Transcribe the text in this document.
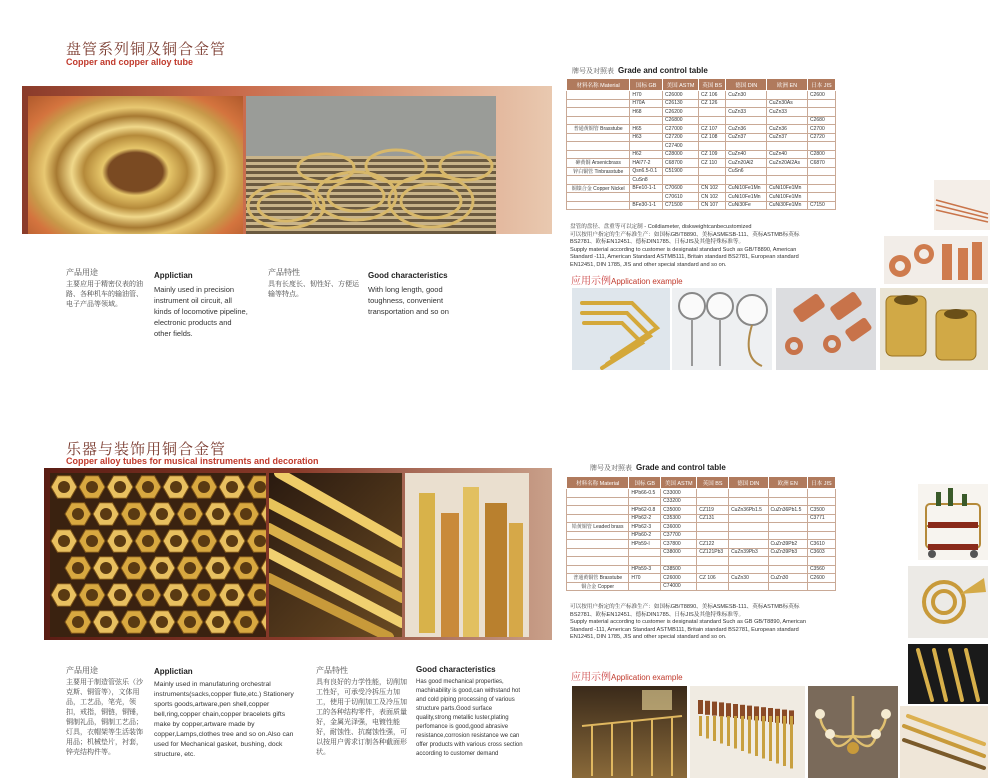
盘管系列铜及铜合金管
Copper and copper alloy tube
产品用途
主要应用于精密仪表的油路、各种机车的输油管、电子产品等领域。
Applictian
Mainly used in precision instrument oil circuit, all kinds of locomotive pipeline, electronic products and other fields.
产品特性
具有长度长、韧性好、方便运输等特点。
Good characteristics
With long length, good toughness, convenient transportation and so on
牌号及对照表 Grade and control table
材料名称 Material	国标 GB	美国 ASTM	英国 BS	德国 DIN	欧洲 EN	日本 JIS
	H70	C26000	CZ 106	CuZn30		C2600
	H70A	C26130	CZ 126		CuZn30As	
	H68	C26200		CuZn33	CuZn33	
		C26800				C2680
普通黄铜管 Brasstube	H65	C27000	CZ 107	CuZn36	CuZn36	C2700
	H63	C27200	CZ 108	CuZn37	CuZn37	C2720
		C27400				
	H62	C28000	CZ 109	CuZn40	CuZn40	C2800
砷黄铜 Arsenicbrass	HAl77-2	C68700	CZ 110	CuZn20Al2	CuZn20Al2As	C6870
锌白铜管 Tinbrasstube	Qsn6.5-0.1	C51900		CuSn6		
	CuSn8					
铜镍合金 Copper Nickel	BFe10-1-1	C70600	CN 102	CuNi10Fe1Mn	CuNi10Fe1Mn	
		C70610	CN 102	CuNi10Fe1Mn	CuNi10Fe1Mn	
	BFe30-1-1	C71500	CN 107	CuNi30Fe	CuNi30Fe1Mn	C7150
盘管的盘径、盘重等可以定制 - Coildiameter, diskweightcanbecustomized
可以按用户指定的生产标准生产：如国标GB/T8890、美标ASMESB-111、英标ASTMB标英标
BS2781、欧标EN12451、德标DIN1785、日标JIS及其他特殊标准等。
Supply material according to customer is designatal standard Such as GB/T8890, American
Standard -111, American Standard ASTMB111, Britain standard BS2781, European standard
EN12451, DIN 1785, JIS and other special standard and so on.
应用示例Application example
乐器与装饰用铜合金管
Copper alloy tubes for musical instruments and decoration
产品用途
主要用于制造管弦乐（沙 克斯、铜管等），文体用 品，工艺品，笔壳，领 扣，戒指，铜链，铜锤，铜制礼品，铜制工艺品；灯具，衣帽架等生活装饰 用品；机械垫片，衬套， 锌壳结构件等。
Applictian
Mainly used in manufaturing orchestral instruments(sacks,copper flute,etc.) Stationery sports goods,artware,pen shell,copper bell,ring,copper chain,copper bracelets gifts make by copper,artware made by copper,Lamps,clothes tree and so on.Also can used for Mechanical gasket, bushing, dock structure, etc.
产品特性
具有良好的力学性能，切削加工性好，可承受冷拆压力加工，使用于切削加工及冷压加工的各种结构零件，表面质量好，金属光泽强，电镀性能好，耐蚀性、抗腐蚀性强，可以按用户需求订制各种截面形状。
Good characteristics
Has good mechanical properties, machinability is good,can withstand hot and cold piping processing of various structure parts.Good surface quality,strong metallic luster,plating perfomance is good,good abrasive resistance,corrosion resistance we can offer products with various cross section according to customer demand
牌号及对照表 Grade and control table
材料名称 Material	国标 GB	美国 ASTM	英国 BS	德国 DIN	欧洲 EN	日本 JIS
	HPb66-0.5	C33000				
		C33200				
	HPb62-0.8	C35000	CZ119	CuZn36Pb1.5	CuZn36Pb1.5	C3500
	HPb62-2	C35300	CZ131			C3771
铅黄铜管 Leaded brass	HPb62-3	C36000				
	HPb60-2	C37700				
	HPb59-I	C37800	CZ122		CuZn39Pb2	C3610
		C38000	CZ121Pb3	CuZn39Pb3	CuZn39Pb3	C3603

	HPb59-3	C38500				C3560
普通黄铜管 Brasstube	H70	C26000	CZ 106	CuZn30	CuZn30	C2600
铜合金 Copper		C74000				
可以按用户指定的生产标准生产：如国标GB/T8890、美标ASMESB-111、英标ASTMB标英标
BS2781、欧标EN12451、德标DIN1785、日标JIS及其他特殊标准等。
Supply material according to customer is designatal standard Such as GB GB/T8890, American
Standard -111, American Standard ASTMB111, Britain standard BS2781, European standard
EN12451, DIN 1785, JIS and other special standard and so on.
应用示例Application example
